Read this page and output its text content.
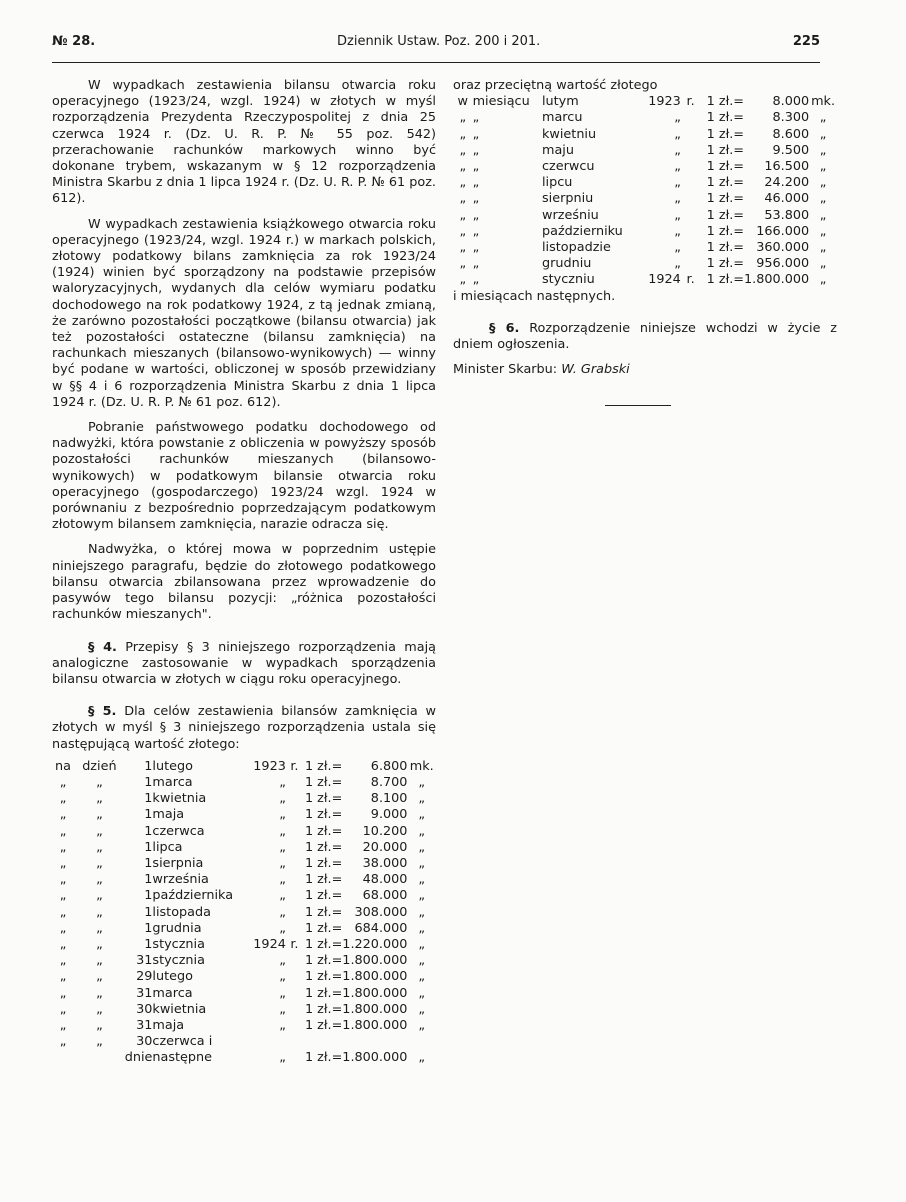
№ 28.	Dziennik Ustaw. Poz. 200 i 201.	225

W wypadkach zestawienia bilansu otwarcia roku operacyjnego (1923/24, wzgl. 1924) w złotych w myśl rozporządzenia Prezydenta Rzeczypospolitej z dnia 25 czerwca 1924 r. (Dz. U. R. P. № 55 poz. 542) przerachowanie rachunków markowych winno być dokonane trybem, wskazanym w § 12 rozporządzenia Ministra Skarbu z dnia 1 lipca 1924 r. (Dz. U. R. P. № 61 poz. 612).

W wypadkach zestawienia książkowego otwarcia roku operacyjnego (1923/24, wzgl. 1924 r.) w markach polskich, złotowy podatkowy bilans zamknięcia za rok 1923/24 (1924) winien być sporządzony na podstawie przepisów waloryzacyjnych, wydanych dla celów wymiaru podatku dochodowego na rok podatkowy 1924, z tą jednak zmianą, że zarówno pozostałości początkowe (bilansu otwarcia) jak też pozostałości ostateczne (bilansu zamknięcia) na rachunkach mieszanych (bilansowo-wynikowych) — winny być podane w wartości, obliczonej w sposób przewidziany w §§ 4 i 6 rozporządzenia Ministra Skarbu z dnia 1 lipca 1924 r. (Dz. U. R. P. № 61 poz. 612).

Pobranie państwowego podatku dochodowego od nadwyżki, która powstanie z obliczenia w powyższy sposób pozostałości rachunków mieszanych (bilansowo-wynikowych) w podatkowym bilansie otwarcia roku operacyjnego (gospodarczego) 1923/24 wzgl. 1924 w porównaniu z bezpośrednio poprzedzającym podatkowym złotowym bilansem zamknięcia, narazie odracza się.

Nadwyżka, o której mowa w poprzednim ustępie niniejszego paragrafu, będzie do złotowego podatkowego bilansu otwarcia zbilansowana przez wprowadzenie do pasywów tego bilansu pozycji: „różnica pozostałości rachunków mieszanych".

§ 4. Przepisy § 3 niniejszego rozporządzenia mają analogiczne zastosowanie w wypadkach sporządzenia bilansu otwarcia w złotych w ciągu roku operacyjnego.

§ 5. Dla celów zestawienia bilansów zamknięcia w złotych w myśl § 3 niniejszego rozporządzenia ustala się następującą wartość złotego:

na	dzień	1	lutego	1923	r.	1 zł.=	6.800	mk.
„	„	1	marca	„		1 zł.=	8.700	„
„	„	1	kwietnia	„		1 zł.=	8.100	„
„	„	1	maja	„		1 zł.=	9.000	„
„	„	1	czerwca	„		1 zł.=	10.200	„
„	„	1	lipca	„		1 zł.=	20.000	„
„	„	1	sierpnia	„		1 zł.=	38.000	„
„	„	1	września	„		1 zł.=	48.000	„
„	„	1	października	„		1 zł.=	68.000	„
„	„	1	listopada	„		1 zł.=	308.000	„
„	„	1	grudnia	„		1 zł.=	684.000	„
„	„	1	stycznia	1924	r.	1 zł.=	1.220.000	„
„	„	31	stycznia	„		1 zł.=	1.800.000	„
„	„	29	lutego	„		1 zł.=	1.800.000	„
„	„	31	marca	„		1 zł.=	1.800.000	„
„	„	30	kwietnia	„		1 zł.=	1.800.000	„
„	„	31	maja	„		1 zł.=	1.800.000	„
„	„	30	czerwca i					
		dnie	następne	„		1 zł.=	1.800.000	„

oraz przeciętną wartość złotego

w	miesiącu	lutym	1923	r.	1 zł.=	8.000	mk.
„	„	marcu	„		1 zł.=	8.300	„
„	„	kwietniu	„		1 zł.=	8.600	„
„	„	maju	„		1 zł.=	9.500	„
„	„	czerwcu	„		1 zł.=	16.500	„
„	„	lipcu	„		1 zł.=	24.200	„
„	„	sierpniu	„		1 zł.=	46.000	„
„	„	wrześniu	„		1 zł.=	53.800	„
„	„	październiku	„		1 zł.=	166.000	„
„	„	listopadzie	„		1 zł.=	360.000	„
„	„	grudniu	„		1 zł.=	956.000	„
„	„	styczniu	1924	r.	1 zł.=	1.800.000	„

i miesiącach następnych.

§ 6. Rozporządzenie niniejsze wchodzi w życie z dniem ogłoszenia.

Minister Skarbu: W. Grabski
